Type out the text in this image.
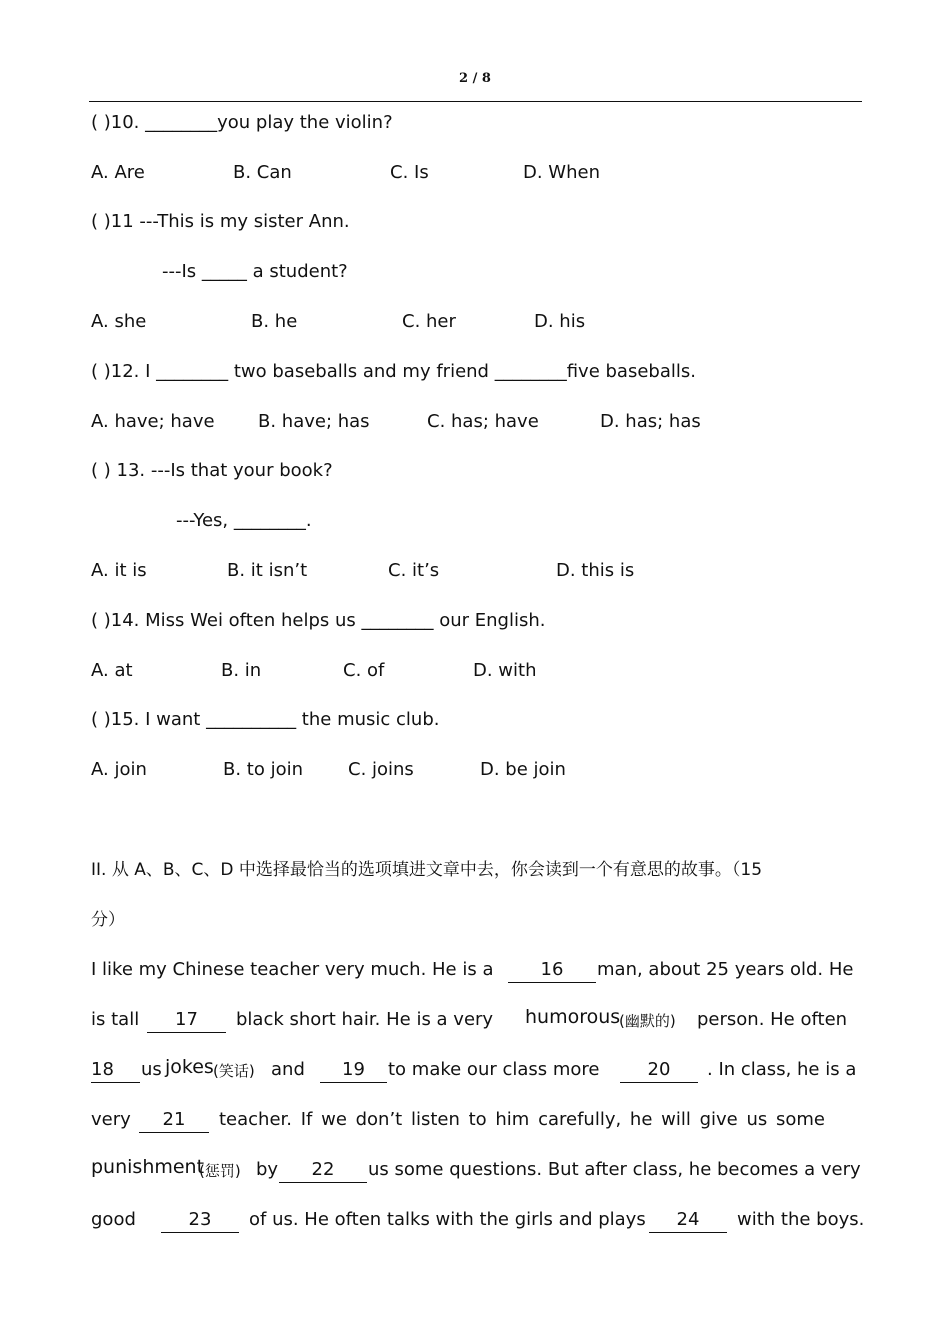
2 / 8
( )10. ________you play the violin?
A. Are	B. Can	C. Is	D. When
( )11 ---This is my sister Ann.
---Is _____ a student?
A. she	B. he	C. her	D. his
( )12. I ________ two baseballs and my friend ________five baseballs.
A. have; have B. have; has	C. has; have	D. has; has
( ) 13. ---Is that your book?
---Yes, ________.
A. it is	B. it isn’t	C. it’s	D. this is
( )14. Miss Wei often helps us ________ our English.
A. at	B. in	C. of	D. with
( )15. I want __________ the music club.
A. join	B. to join C. joins	D. be join
II. 从 A、B、C、D 中选择最恰当的选项填进文章中去，你会读到一个有意思的故事。（15
分）
I like my Chinese teacher very much. He is a	16	man, about 25 years old. He
is tall	17	black short hair. He is a very humorous
(幽默的) person. He often
18	us jokes (笑话) and	19	to make our class more	20	. In class, he is a
very	21	teacher. If we don’t listen to him carefully, he will give us some
punishment
(惩罚) by	22	us some questions. But after class, he becomes a very
good	23	of us. He often talks with the girls and plays	24	with the boys.
